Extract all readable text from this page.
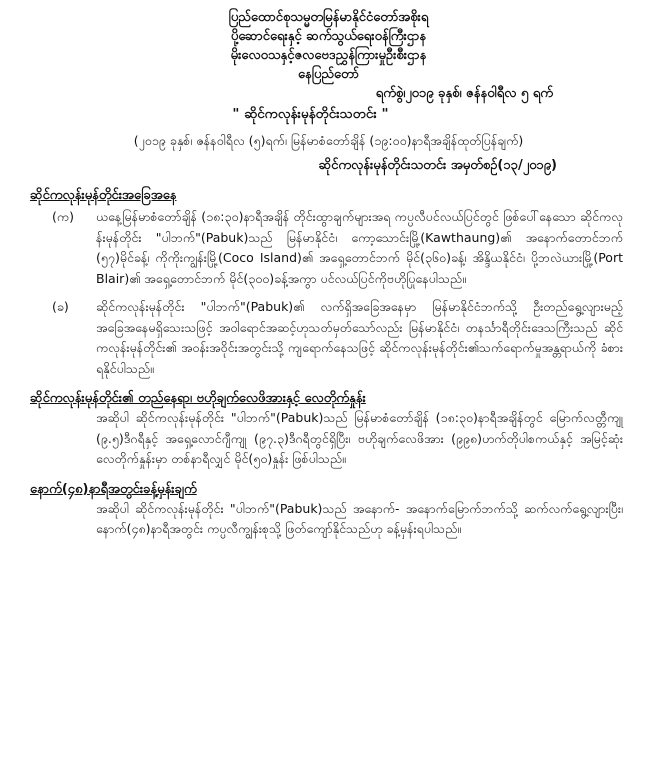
ပြည်ထောင်စုသမ္မတမြန်မာနိုင်ငံတော်အစိုးရ
ပို့ဆောင်ရေးနှင့် ဆက်သွယ်ရေးဝန်ကြီးဌာန
မိုးလေဝသနှင့်ဇလဗေဒညွှန်ကြားမှုဦးစီးဌာန
နေပြည်တော်
ရက်စွဲ၊၂၀၁၉ ခုနှစ်၊ ဇန်နဝါရီလ ၅ ရက်
" ဆိုင်ကလုန်းမုန်တိုင်းသတင်း "
(၂၀၁၉ ခုနှစ်၊ ဇန်နဝါရီလ (၅)ရက်၊ မြန်မာစံတော်ချိန် (၁၉:၀၀)နာရီအချိန်ထုတ်ပြန်ချက်)
ဆိုင်ကလုန်းမုန်တိုင်းသတင်း အမှတ်စဉ်(၁၃/၂၀၁၉)
ဆိုင်ကလုန်းမုန်တိုင်းအခြေအနေ
(က)	ယနေ့မြန်မာစံတော်ချိန် (၁၈:၃၀)နာရီအချိန် တိုင်းထွာချက်များအရ ကပ္ပလီပင်လယ်ပြင်တွင် ဖြစ်ပေါ်နေသော ဆိုင်ကလုန်းမုန်တိုင်း "ပါဘက်"(Pabuk)သည် မြန်မာနိုင်ငံ၊ ကော့သောင်းမြို့(Kawthaung)၏ အနောက်တောင်ဘက် (၅၇)မိုင်ခန့်၊ ကိုကိုးကျွန်းမြို့(Coco Island)၏ အရှေ့တောင်ဘက် မိုင်(၃၆၀)ခန့်၊ အိန္ဒိယနိုင်ငံ၊ ပို့ဘလဲယားမြို့(Port Blair)၏ အရှေ့တောင်ဘက် မိုင်(၃၀၀)ခန့်အကွာ ပင်လယ်ပြင်ကိုဗဟိုပြုနေပါသည်။
(ခ)	ဆိုင်ကလုန်းမုန်တိုင်း "ပါဘက်"(Pabuk)၏ လက်ရှိအခြေအနေမှာ မြန်မာနိုင်ငံဘက်သို့ ဦးတည်ရွေ့လျားမည့် အခြေအနေမရှိသေးသဖြင့် အဝါရောင်အဆင့်ဟုသတ်မှတ်သော်လည်း မြန်မာနိုင်ငံ၊ တနင်္သာရီတိုင်းဒေသကြီးသည် ဆိုင်ကလုန်းမုန်တိုင်း၏ အဝန်းအဝိုင်းအတွင်းသို့ ကျရောက်နေသဖြင့် ဆိုင်ကလုန်းမုန်တိုင်း၏သက်ရောက်မှုအန္တရာယ်ကို ခံစားရနိုင်ပါသည်။
ဆိုင်ကလုန်းမုန်တိုင်း၏ တည်နေရာ၊ ဗဟိုချက်လေဖိအားနှင့် လေတိုက်နှုန်း
အဆိုပါ ဆိုင်ကလုန်းမုန်တိုင်း "ပါဘက်"(Pabuk)သည် မြန်မာစံတော်ချိန် (၁၈:၃၀)နာရီအချိန်တွင် မြောက်လတ္တီကျု (၉.၅)ဒီဂရီနှင့် အရှေ့လောင်ဂျီကျု (၉၇.၃)ဒီဂရီတွင်ရှိပြီး၊ ဗဟိုချက်လေဖိအား (၉၉၈)ဟက်တိုပါစကယ်နှင့် အမြင့်ဆုံးလေတိုက်နှုန်းမှာ တစ်နာရီလျှင် မိုင်(၅၀)နှုန်း ဖြစ်ပါသည်။
နောက်(၄၈)နာရီအတွင်းခန့်မှန်းချက်
အဆိုပါ ဆိုင်ကလုန်းမုန်တိုင်း "ပါဘက်"(Pabuk)သည် အနောက်- အနောက်မြောက်ဘက်သို့ ဆက်လက်ရွေ့လျားပြီး၊ နောက်(၄၈)နာရီအတွင်း ကပ္ပလီကျွန်းစုသို့ ဖြတ်ကျော်နိုင်သည်ဟု ခန့်မှန်းရပါသည်။
